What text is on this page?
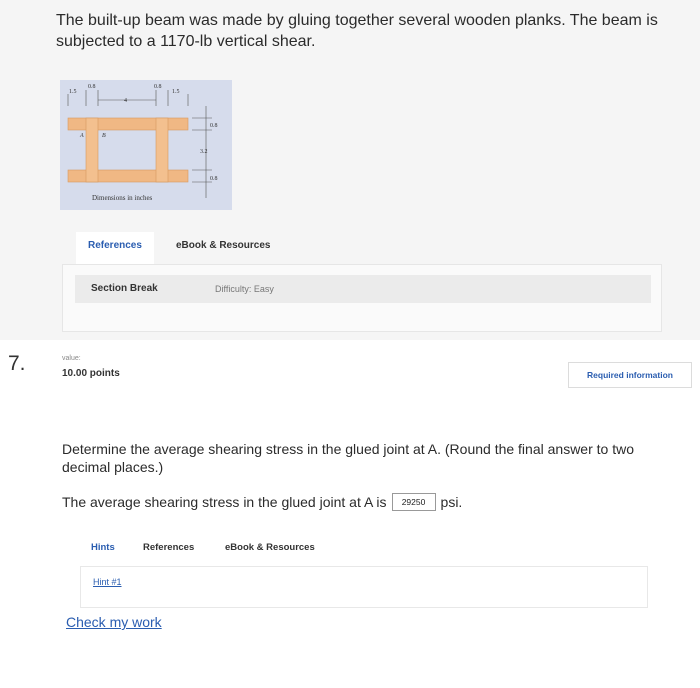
The built-up beam was made by gluing together several wooden planks. The beam is
subjected to a 1170-lb vertical shear.
1.5
0.8
4
0.8
1.5
0.8
3.2
0.8
A	B
Dimensions in inches
References	eBook & Resources
Section Break	Difficulty: Easy
7.	value:
10.00 points	Required information
Determine the average shearing stress in the glued joint at A. (Round the final answer to two
decimal places.)
The average shearing stress in the glued joint at A is	29250	psi.
Hints	References	eBook & Resources
Hint #1
Check my work
